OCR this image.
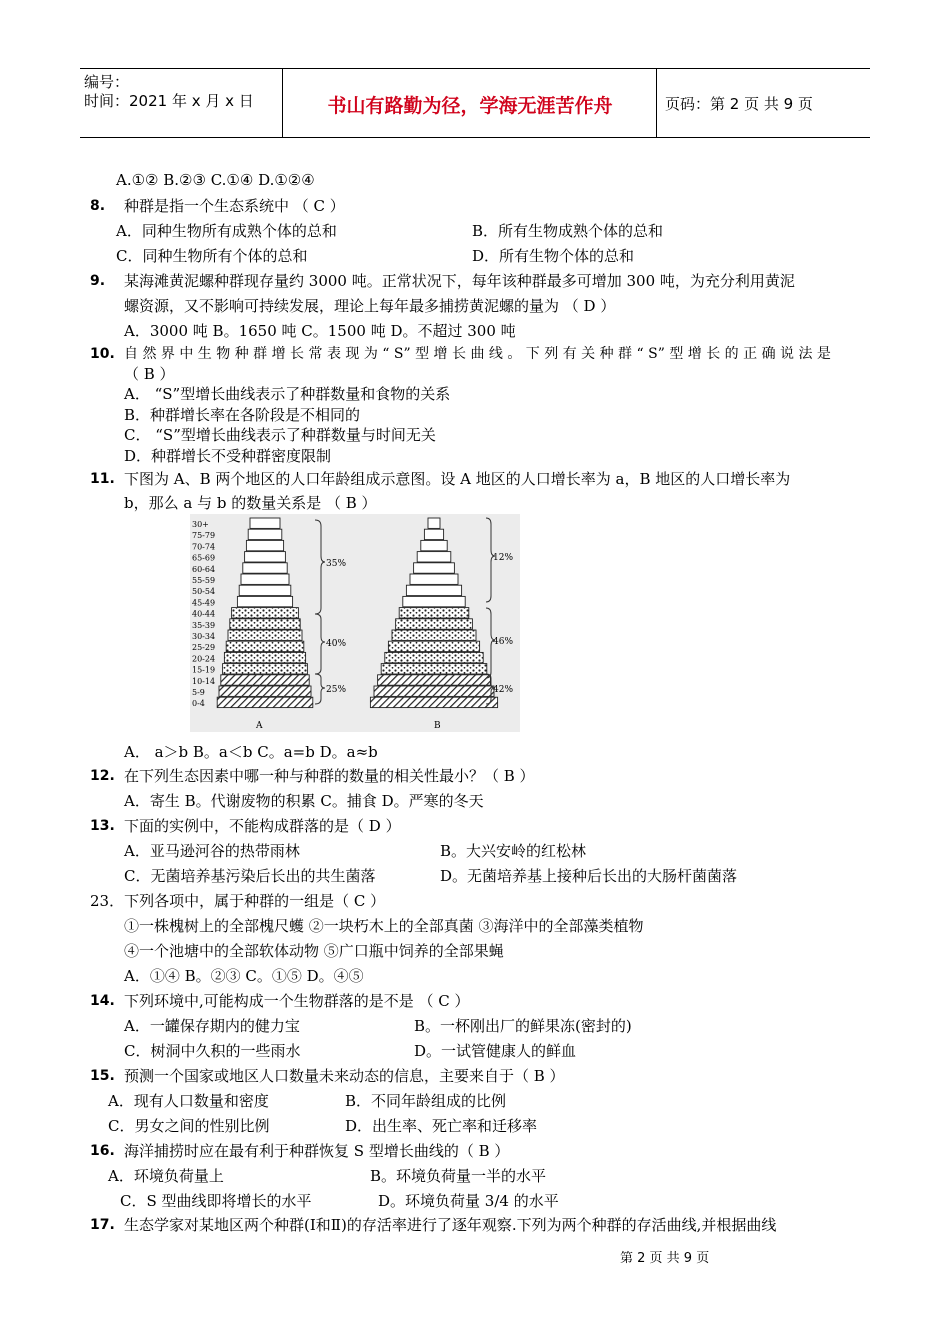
编号：
时间：2021 年 x 月 x 日	书山有路勤为径，学海无涯苦作舟	页码：第 2 页 共 9 页
A.①② B.②③ C.①④ D.①②④
8. 种群是指一个生态系统中 （ C ）
A．同种生物所有成熟个体的总和	B．所有生物成熟个体的总和
C．同种生物所有个体的总和	D．所有生物个体的总和
9. 某海滩黄泥螺种群现存量约 3000 吨。正常状况下，每年该种群最多可增加 300 吨，为充分利用黄泥
螺资源，又不影响可持续发展，理论上每年最多捕捞黄泥螺的量为 （ D ）
A．3000 吨 B。1650 吨 C。1500 吨 D。不超过 300 吨
10. 自 然 界 中 生 物 种 群 增 长 常 表 现 为 “ S” 型 增 长 曲 线 。 下 列 有 关 种 群 “ S” 型 增 长 的 正 确 说 法 是
（ B ）
A． “S”型增长曲线表示了种群数量和食物的关系
B．种群增长率在各阶段是不相同的
C． “S”型增长曲线表示了种群数量与时间无关
D．种群增长不受种群密度限制
11. 下图为 A、B 两个地区的人口年龄组成示意图。设 A 地区的人口增长率为 a，B 地区的人口增长率为
b，那么 a 与 b 的数量关系是 （ B ）
30+
75-79
70-74
65-69
60-64
55-59
50-54
45-49
40-44
35-39
30-34
25-29
20-24
15-19
10-14
5-9
0-4
35%
40%
25%
12%
46%
42%
A	B
A． a＞b B。a＜b C。a=b D。a≈b
12. 在下列生态因素中哪一种与种群的数量的相关性最小？（ B ）
A．寄生 B。代谢废物的积累 C。捕食 D。严寒的冬天
13. 下面的实例中，不能构成群落的是（ D ）
A．亚马逊河谷的热带雨林	B。大兴安岭的红松林
C．无菌培养基污染后长出的共生菌落	D。无菌培养基上接种后长出的大肠杆菌菌落
23．下列各项中，属于种群的一组是（ C ）
①一株槐树上的全部槐尺蠖 ②一块朽木上的全部真菌 ③海洋中的全部藻类植物
④一个池塘中的全部软体动物 ⑤广口瓶中饲养的全部果蝇
A．①④ B。②③ C。①⑤ D。④⑤
14. 下列环境中,可能构成一个生物群落的是不是 （ C ）
A．一罐保存期内的健力宝	B。一杯刚出厂的鲜果冻(密封的)
C．树洞中久积的一些雨水	D。一试管健康人的鲜血
15. 预测一个国家或地区人口数量未来动态的信息，主要来自于（ B ）
A．现有人口数量和密度	B．不同年龄组成的比例
C．男女之间的性别比例	D．出生率、死亡率和迁移率
16. 海洋捕捞时应在最有利于种群恢复 S 型增长曲线的（ B ）
A．环境负荷量上	B。环境负荷量一半的水平
C．S 型曲线即将增长的水平	D。环境负荷量 3/4 的水平
17. 生态学家对某地区两个种群(Ⅰ和Ⅱ)的存活率进行了逐年观察.下列为两个种群的存活曲线,并根据曲线
第 2 页 共 9 页
